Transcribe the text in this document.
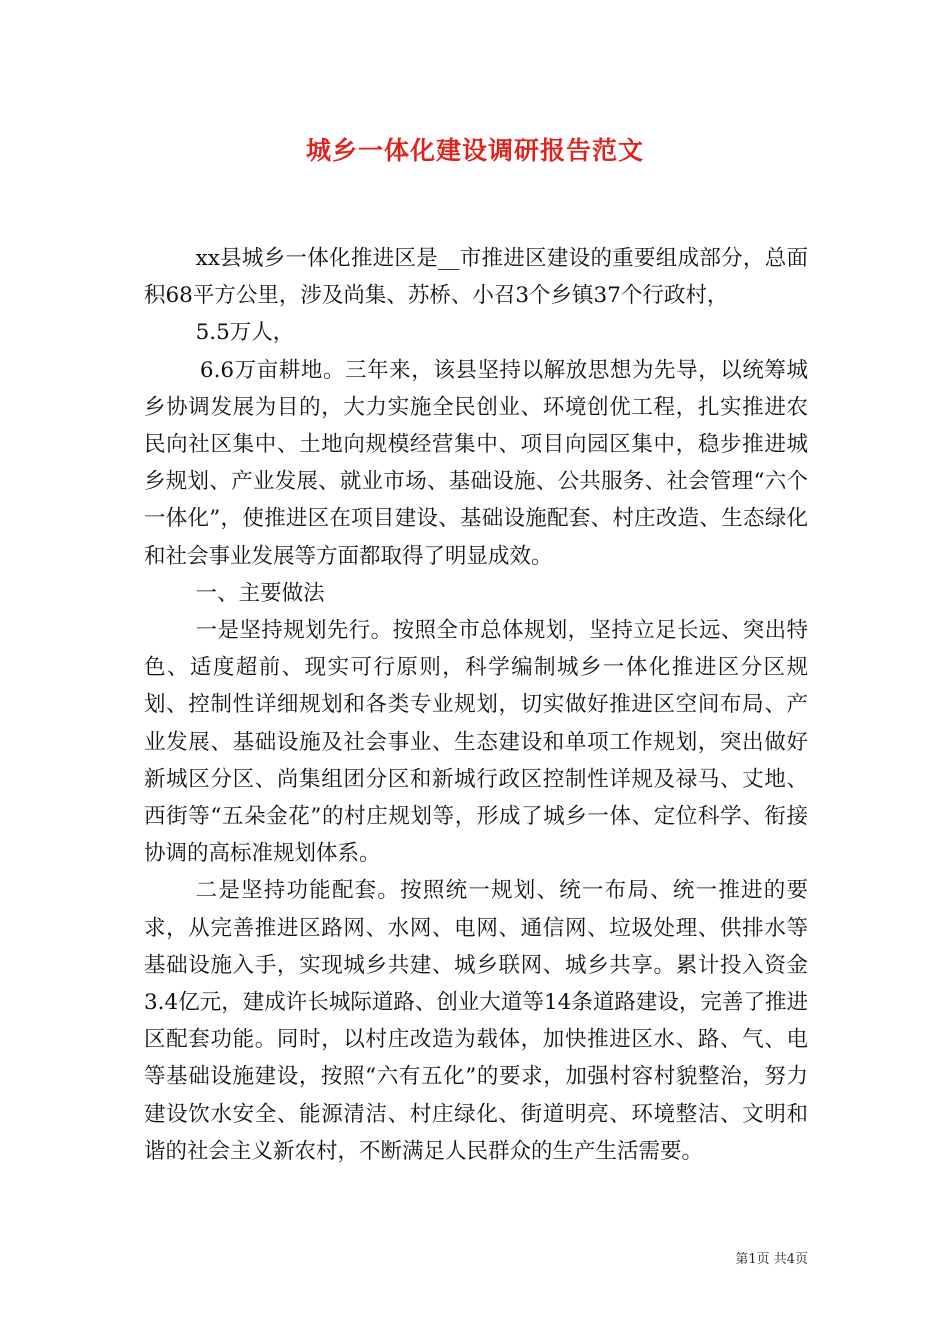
城乡一体化建设调研报告范文

xx县城乡一体化推进区是__市推进区建设的重要组成部分，总面积68平方公里，涉及尚集、苏桥、小召3个乡镇37个行政村，

5.5万人，

6.6万亩耕地。三年来，该县坚持以解放思想为先导，以统筹城乡协调发展为目的，大力实施全民创业、环境创优工程，扎实推进农民向社区集中、土地向规模经营集中、项目向园区集中，稳步推进城乡规划、产业发展、就业市场、基础设施、公共服务、社会管理“六个一体化”，使推进区在项目建设、基础设施配套、村庄改造、生态绿化和社会事业发展等方面都取得了明显成效。

一、主要做法

一是坚持规划先行。按照全市总体规划，坚持立足长远、突出特色、适度超前、现实可行原则，科学编制城乡一体化推进区分区规划、控制性详细规划和各类专业规划，切实做好推进区空间布局、产业发展、基础设施及社会事业、生态建设和单项工作规划，突出做好新城区分区、尚集组团分区和新城行政区控制性详规及禄马、丈地、西街等“五朵金花”的村庄规划等，形成了城乡一体、定位科学、衔接协调的高标准规划体系。

二是坚持功能配套。按照统一规划、统一布局、统一推进的要求，从完善推进区路网、水网、电网、通信网、垃圾处理、供排水等基础设施入手，实现城乡共建、城乡联网、城乡共享。累计投入资金3.4亿元，建成许长城际道路、创业大道等14条道路建设，完善了推进区配套功能。同时，以村庄改造为载体，加快推进区水、路、气、电等基础设施建设，按照“六有五化”的要求，加强村容村貌整治，努力建设饮水安全、能源清洁、村庄绿化、街道明亮、环境整洁、文明和谐的社会主义新农村，不断满足人民群众的生产生活需要。

第1页 共4页
